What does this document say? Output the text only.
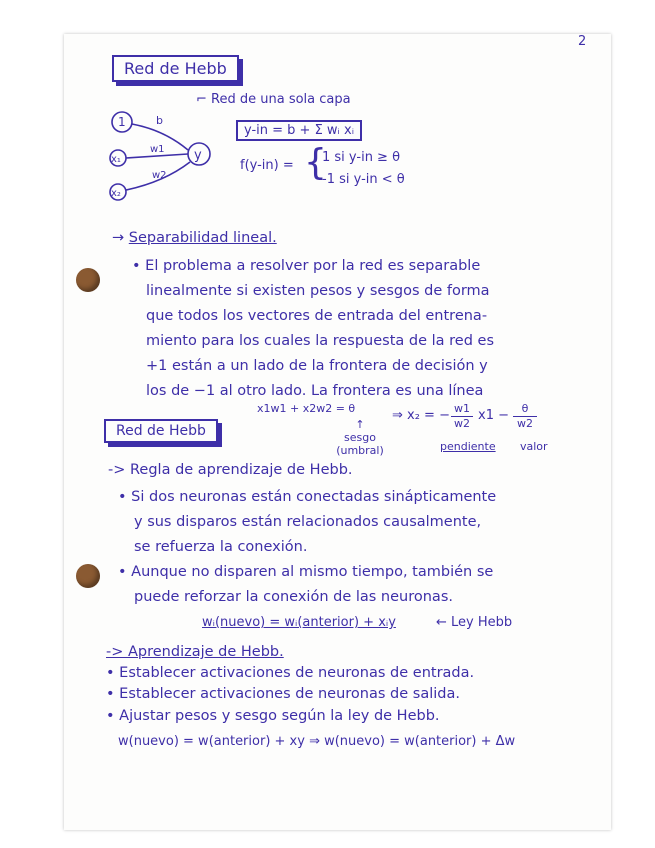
2
Red de Hebb
⌐ Red de una sola capa
1
x₁
x₂
y
b
w1
w2
y-in = b + Σ wᵢ xᵢ
f(y-in) = {
1 si y-in ≥ θ
-1 si y-in < θ
→ Separabilidad lineal.
• El problema a resolver por la red es separable
linealmente si existen pesos y sesgos de forma
que todos los vectores de entrada del entrena-
miento para los cuales la respuesta de la red es
+1 están a un lado de la frontera de decisión y
los de −1 al otro lado. La frontera es una línea
x1w1 + x2w2 = θ
↑
sesgo (umbral)
⇒ x₂ = − w1
w2
x1 −	θ
w2
pendiente valor
Red de Hebb
-> Regla de aprendizaje de Hebb.
• Si dos neuronas están conectadas sinápticamente
y sus disparos están relacionados causalmente,
se refuerza la conexión.
• Aunque no disparen al mismo tiempo, también se
puede reforzar la conexión de las neuronas.
wᵢ(nuevo) = wᵢ(anterior) + xᵢy	← Ley Hebb
-> Aprendizaje de Hebb.
• Establecer activaciones de neuronas de entrada.
• Establecer activaciones de neuronas de salida.
• Ajustar pesos y sesgo según la ley de Hebb.
w(nuevo) = w(anterior) + xy ⇒ w(nuevo) = w(anterior) + Δw
